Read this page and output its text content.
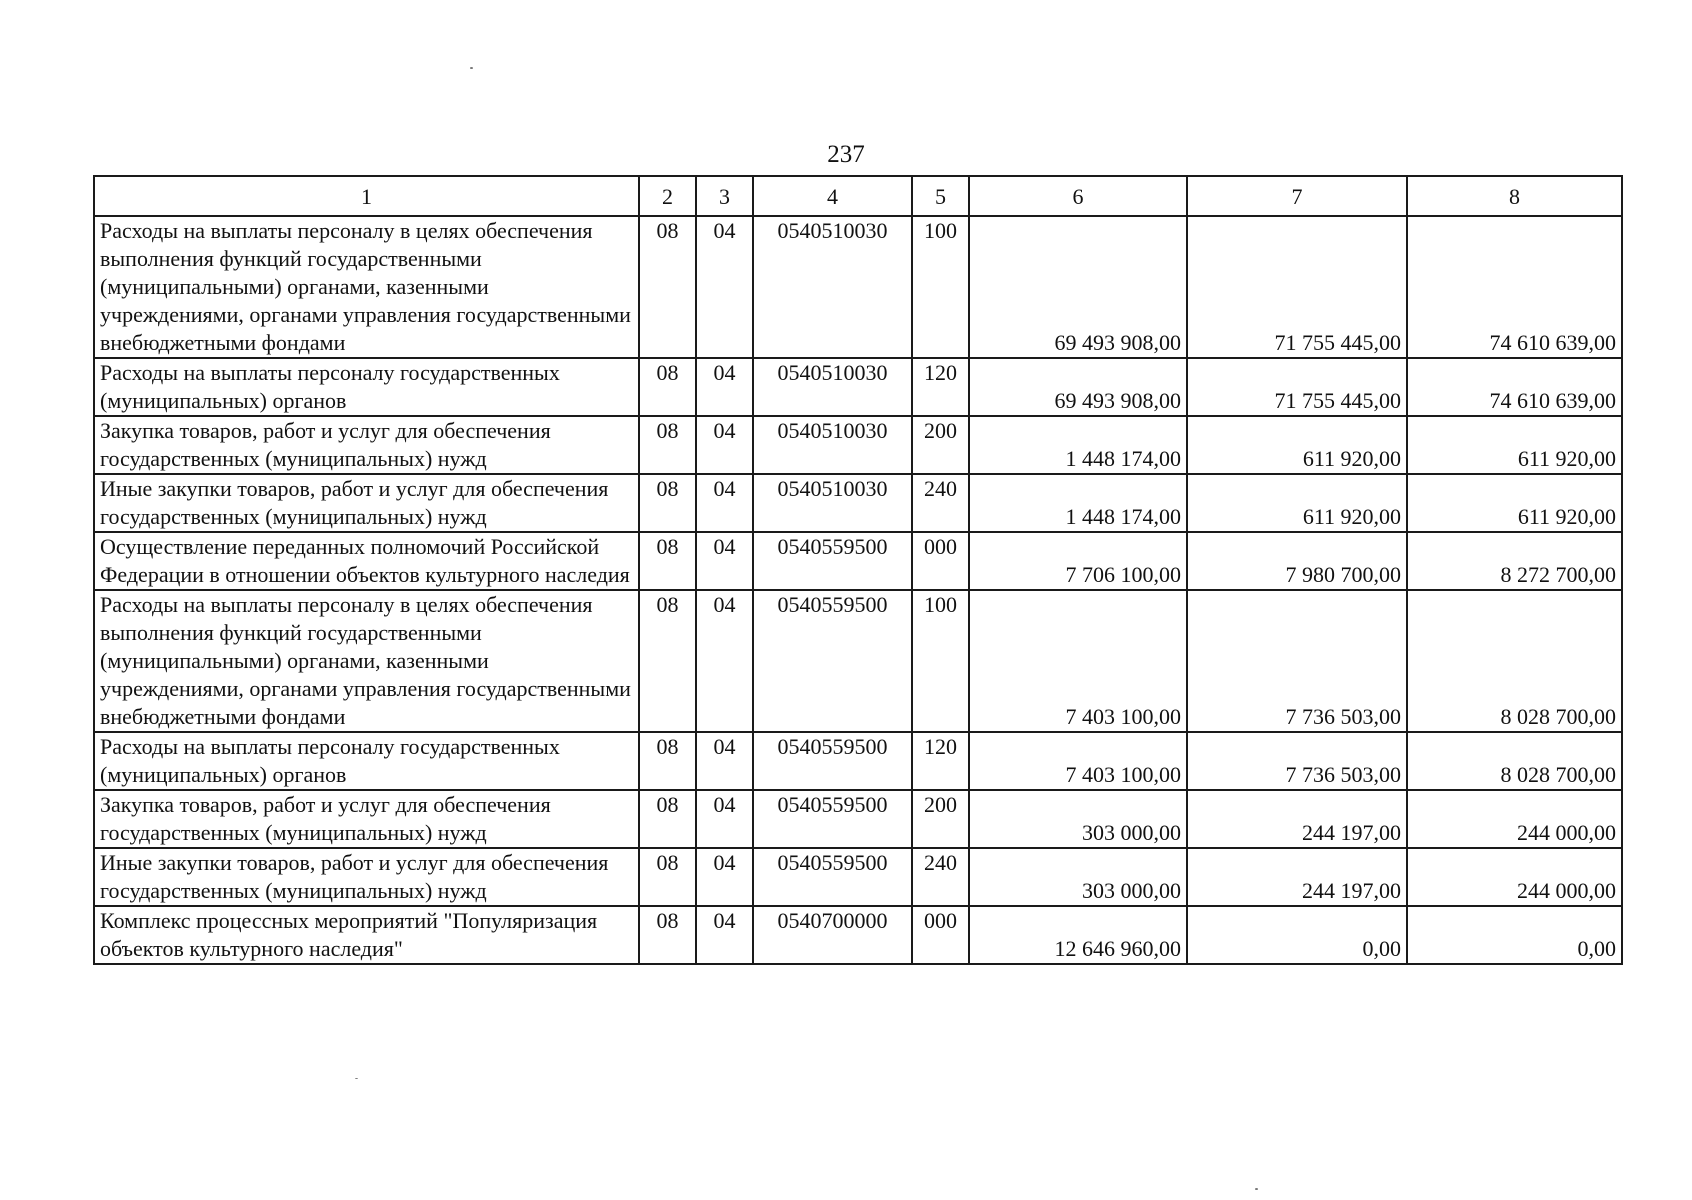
237
1	2	3	4	5	6	7	8
Расходы на выплаты персоналу в целях обеспечения выполнения функций государственными (муниципальными) органами, казенными учреждениями, органами управления государственными внебюджетными фондами	08	04	0540510030	100	69 493 908,00	71 755 445,00	74 610 639,00
Расходы на выплаты персоналу государственных (муниципальных) органов	08	04	0540510030	120	69 493 908,00	71 755 445,00	74 610 639,00
Закупка товаров, работ и услуг для обеспечения государственных (муниципальных) нужд	08	04	0540510030	200	1 448 174,00	611 920,00	611 920,00
Иные закупки товаров, работ и услуг для обеспечения государственных (муниципальных) нужд	08	04	0540510030	240	1 448 174,00	611 920,00	611 920,00
Осуществление переданных полномочий Российской Федерации в отношении объектов культурного наследия	08	04	0540559500	000	7 706 100,00	7 980 700,00	8 272 700,00
Расходы на выплаты персоналу в целях обеспечения выполнения функций государственными (муниципальными) органами, казенными учреждениями, органами управления государственными внебюджетными фондами	08	04	0540559500	100	7 403 100,00	7 736 503,00	8 028 700,00
Расходы на выплаты персоналу государственных (муниципальных) органов	08	04	0540559500	120	7 403 100,00	7 736 503,00	8 028 700,00
Закупка товаров, работ и услуг для обеспечения государственных (муниципальных) нужд	08	04	0540559500	200	303 000,00	244 197,00	244 000,00
Иные закупки товаров, работ и услуг для обеспечения государственных (муниципальных) нужд	08	04	0540559500	240	303 000,00	244 197,00	244 000,00
Комплекс процессных мероприятий "Популяризация объектов культурного наследия"	08	04	0540700000	000	12 646 960,00	0,00	0,00
